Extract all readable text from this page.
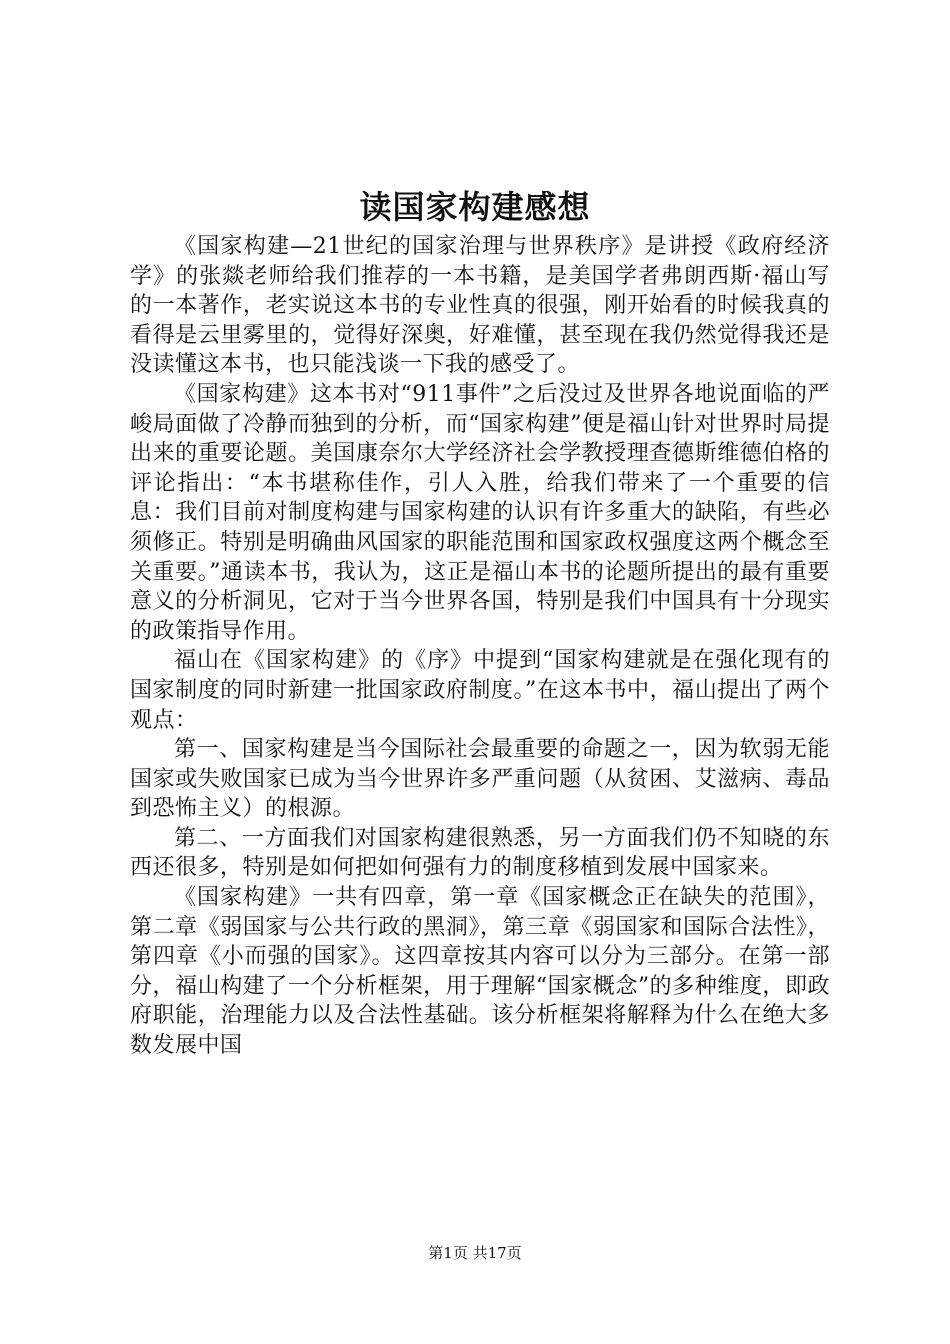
读国家构建感想

《国家构建—21世纪的国家治理与世界秩序》是讲授《政府经济学》的张燚老师给我们推荐的一本书籍，是美国学者弗朗西斯·福山写的一本著作，老实说这本书的专业性真的很强，刚开始看的时候我真的看得是云里雾里的，觉得好深奥，好难懂，甚至现在我仍然觉得我还是没读懂这本书，也只能浅谈一下我的感受了。

《国家构建》这本书对“911事件”之后没过及世界各地说面临的严峻局面做了冷静而独到的分析，而“国家构建”便是福山针对世界时局提出来的重要论题。美国康奈尔大学经济社会学教授理查德斯维德伯格的评论指出：“本书堪称佳作，引人入胜，给我们带来了一个重要的信息：我们目前对制度构建与国家构建的认识有许多重大的缺陷，有些必须修正。特别是明确曲风国家的职能范围和国家政权强度这两个概念至关重要。”通读本书，我认为，这正是福山本书的论题所提出的最有重要意义的分析洞见，它对于当今世界各国，特别是我们中国具有十分现实的政策指导作用。

福山在《国家构建》的《序》中提到“国家构建就是在强化现有的国家制度的同时新建一批国家政府制度。”在这本书中，福山提出了两个观点：

第一、国家构建是当今国际社会最重要的命题之一，因为软弱无能国家或失败国家已成为当今世界许多严重问题（从贫困、艾滋病、毒品到恐怖主义）的根源。

第二、一方面我们对国家构建很熟悉，另一方面我们仍不知晓的东西还很多，特别是如何把如何强有力的制度移植到发展中国家来。

《国家构建》一共有四章，第一章《国家概念正在缺失的范围》，第二章《弱国家与公共行政的黑洞》，第三章《弱国家和国际合法性》，第四章《小而强的国家》。这四章按其内容可以分为三部分。在第一部分，福山构建了一个分析框架，用于理解“国家概念”的多种维度，即政府职能，治理能力以及合法性基础。该分析框架将解释为什么在绝大多数发展中国

第1页 共17页
